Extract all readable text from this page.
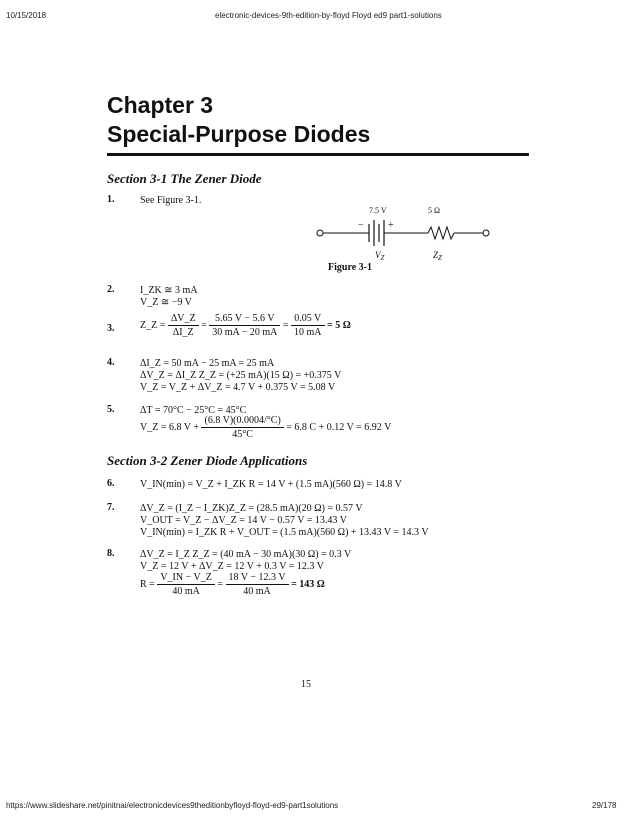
10/15/2018	electronic-devices-9th-edition-by-floyd Floyd ed9 part1-solutions
Chapter 3
Special-Purpose Diodes
Section 3-1 The Zener Diode
1.	See Figure 3-1.
7.5 V	5 Ω
− +
$V_Z$	$Z_Z$
Figure 3-1
2.	I_ZK ≅ 3 mA
V_Z ≅ −9 V
3.	Z_Z = $\frac{\Delta V\_Z}{\Delta I\_Z} = \frac{5.65 V - 5.6 V}{30 mA - 20 mA} = \frac{0.05 V}{10 mA} = 5$ Ω
4.	ΔI_Z = 50 mA − 25 mA = 25 mA
ΔV_Z = ΔI_Z Z_Z = (+25 mA)(15 Ω) = +0.375 V
V_Z = V_Z + ΔV_Z = 4.7 V + 0.375 V = 5.08 V
5.	ΔT = 70°C − 25°C = 45°C
V_Z = 6.8 $V + \frac{(6.8 V)(0.0004/^\circ C)}{45^\circ C} = 6.8$ C + 0.12 V = 6.92 V
Section 3-2 Zener Diode Applications
6.	V_IN(min) = V_Z + I_ZK R = 14 V + (1.5 mA)(560 Ω) = 14.8 V
7.	ΔV_Z = (I_Z − I_ZK)Z_Z = (28.5 mA)(20 Ω) = 0.57 V
V_OUT = V_Z − ΔV_Z = 14 V − 0.57 V = 13.43 V
V_IN(min) = I_ZK R + V_OUT = (1.5 mA)(560 Ω) + 13.43 V = 14.3 V
8.	ΔV_Z = I_Z Z_Z = (40 mA − 30 mA)(30 Ω) = 0.3 V
V_Z = 12 V + ΔV_Z = 12 V + 0.3 V = 12.3 V
$R = \frac{V\_IN - V\_Z}{40 mA} = \frac{18 V - 12.3 V}{40 mA} = 143$ Ω
15
https://www.slideshare.net/pinitnai/electronicdevices9theditionbyfloyd-floyd-ed9-part1solutions	29/178
